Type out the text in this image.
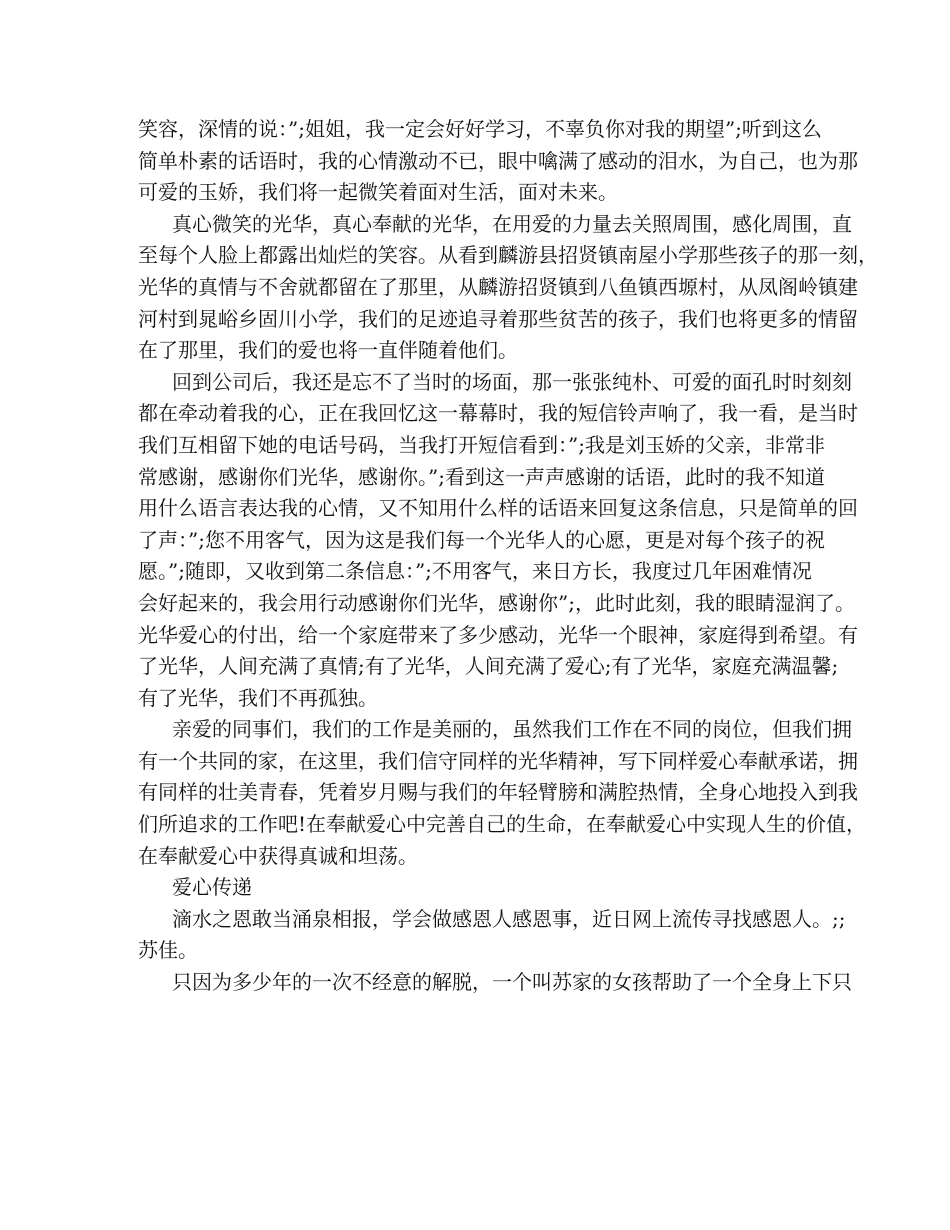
笑容，深情的说：”;姐姐，我一定会好好学习，不辜负你对我的期望”;听到这么
简单朴素的话语时，我的心情激动不已，眼中噙满了感动的泪水，为自己，也为那
可爱的玉娇，我们将一起微笑着面对生活，面对未来。
真心微笑的光华，真心奉献的光华，在用爱的力量去关照周围，感化周围，直
至每个人脸上都露出灿烂的笑容。从看到麟游县招贤镇南屋小学那些孩子的那一刻，
光华的真情与不舍就都留在了那里，从麟游招贤镇到八鱼镇西塬村，从凤阁岭镇建
河村到晁峪乡固川小学，我们的足迹追寻着那些贫苦的孩子，我们也将更多的情留
在了那里，我们的爱也将一直伴随着他们。
回到公司后，我还是忘不了当时的场面，那一张张纯朴、可爱的面孔时时刻刻
都在牵动着我的心，正在我回忆这一幕幕时，我的短信铃声响了，我一看，是当时
我们互相留下她的电话号码，当我打开短信看到：”;我是刘玉娇的父亲，非常非
常感谢，感谢你们光华，感谢你。”;看到这一声声感谢的话语，此时的我不知道
用什么语言表达我的心情，又不知用什么样的话语来回复这条信息，只是简单的回
了声：”;您不用客气，因为这是我们每一个光华人的心愿，更是对每个孩子的祝
愿。”;随即，又收到第二条信息：”;不用客气，来日方长，我度过几年困难情况
会好起来的，我会用行动感谢你们光华，感谢你”;，此时此刻，我的眼睛湿润了。
光华爱心的付出，给一个家庭带来了多少感动，光华一个眼神，家庭得到希望。有
了光华，人间充满了真情;有了光华，人间充满了爱心;有了光华，家庭充满温馨;
有了光华，我们不再孤独。
亲爱的同事们，我们的工作是美丽的，虽然我们工作在不同的岗位，但我们拥
有一个共同的家，在这里，我们信守同样的光华精神，写下同样爱心奉献承诺，拥
有同样的壮美青春，凭着岁月赐与我们的年轻臂膀和满腔热情，全身心地投入到我
们所追求的工作吧!在奉献爱心中完善自己的生命，在奉献爱心中实现人生的价值，
在奉献爱心中获得真诚和坦荡。
爱心传递
滴水之恩敢当涌泉相报，学会做感恩人感恩事，近日网上流传寻找感恩人。;;
苏佳。
只因为多少年的一次不经意的解脱，一个叫苏家的女孩帮助了一个全身上下只
